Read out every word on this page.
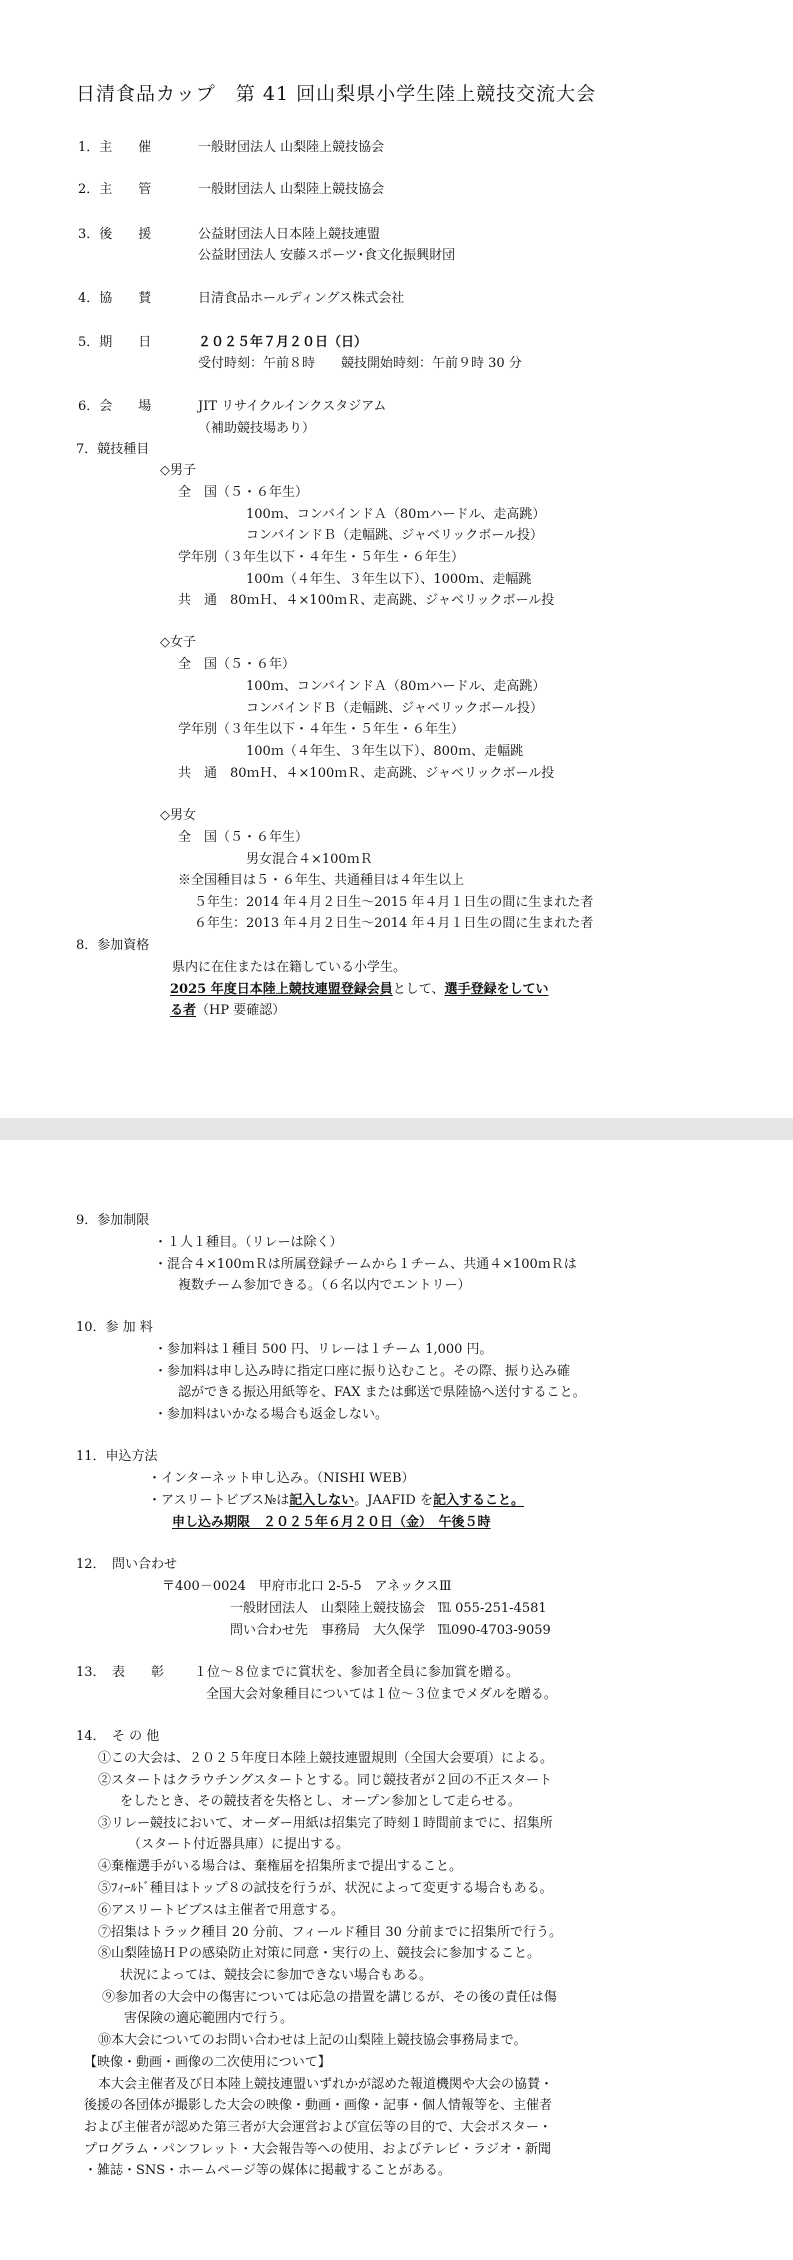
日清食品カップ　第 41 回山梨県小学生陸上競技交流大会
1．主　　催	一般財団法人 山梨陸上競技協会
2．主　　管	一般財団法人 山梨陸上競技協会
3．後　　援	公益財団法人日本陸上競技連盟
公益財団法人 安藤スポーツ･食文化振興財団
4．協　　賛	日清食品ホールディングス株式会社
5．期　　日	２０２５年７月２０日（日）
受付時刻：午前８時　　競技開始時刻：午前９時 30 分
6．会　　場	JIT リサイクルインクスタジアム
（補助競技場あり）
7．競技種目
◇男子
全　国（５・６年生）
100ｍ、コンバインドＡ（80ｍハードル、走高跳）
コンバインドＢ（走幅跳、ジャベリックボール投）
学年別（３年生以下・４年生・５年生・６年生）
100ｍ（４年生、３年生以下）、1000ｍ、走幅跳
共　通　80ｍＨ、４×100ｍＲ、走高跳、ジャベリックボール投
◇女子
全　国（５・６年）
100ｍ、コンバインドＡ（80ｍハードル、走高跳）
コンバインドＢ（走幅跳、ジャベリックボール投）
学年別（３年生以下・４年生・５年生・６年生）
100ｍ（４年生、３年生以下）、800ｍ、走幅跳
共　通　80ｍＨ、４×100ｍＲ、走高跳、ジャベリックボール投
◇男女
全　国（５・６年生）
男女混合４×100ｍＲ
※全国種目は５・６年生、共通種目は４年生以上
５年生：2014 年４月２日生～2015 年４月１日生の間に生まれた者
６年生：2013 年４月２日生～2014 年４月１日生の間に生まれた者
8．参加資格
県内に在住または在籍している小学生。
2025 年度日本陸上競技連盟登録会員として、選手登録をしてい
る者（HP 要確認）
9．参加制限
・１人１種目。（リレーは除く）
・混合４×100ｍＲは所属登録チームから１チーム、共通４×100ｍＲは
複数チーム参加できる。（６名以内でエントリー）
10．参 加 料
・参加料は１種目 500 円、リレーは１チーム 1,000 円。
・参加料は申し込み時に指定口座に振り込むこと。その際、振り込み確
認ができる振込用紙等を、FAX または郵送で県陸協へ送付すること。
・参加料はいかなる場合も返金しない。
11．申込方法
・インターネット申し込み。（NISHI WEB）
・アスリートビブス№は記入しない。JAAFID を記入すること。
申し込み期限　２０２５年６月２０日（金）　午後５時
12．　問い合わせ
〒400－0024　甲府市北口 2-5-5　アネックスⅢ
一般財団法人　山梨陸上競技協会　℡ 055-251-4581
問い合わせ先　事務局　大久保学　℡090-4703-9059
13．　表　　彰 １位～８位までに賞状を、参加者全員に参加賞を贈る。
全国大会対象種目については１位～３位までメダルを贈る。
14．　そ の 他
①この大会は、２０２５年度日本陸上競技連盟規則（全国大会要項）による。
②スタートはクラウチングスタートとする。同じ競技者が２回の不正スタート
をしたとき、その競技者を失格とし、オープン参加として走らせる。
③リレー競技において、オーダー用紙は招集完了時刻１時間前までに、招集所
（スタート付近器具庫）に提出する。
④棄権選手がいる場合は、棄権届を招集所まで提出すること。
⑤ﾌｨｰﾙﾄﾞ種目はトップ８の試技を行うが、状況によって変更する場合もある。
⑥アスリートビブスは主催者で用意する。
⑦招集はトラック種目 20 分前、フィールド種目 30 分前までに招集所で行う。
⑧山梨陸協ＨＰの感染防止対策に同意・実行の上、競技会に参加すること。
状況によっては、競技会に参加できない場合もある。
⑨参加者の大会中の傷害については応急の措置を講じるが、その後の責任は傷
害保険の適応範囲内で行う。
⑩本大会についてのお問い合わせは上記の山梨陸上競技協会事務局まで。
【映像・動画・画像の二次使用について】
本大会主催者及び日本陸上競技連盟いずれかが認めた報道機関や大会の協賛・
後援の各団体が撮影した大会の映像・動画・画像・記事・個人情報等を、主催者
および主催者が認めた第三者が大会運営および宣伝等の目的で、大会ポスター・
プログラム・パンフレット・大会報告等への使用、およびテレビ・ラジオ・新聞
・雑誌・SNS・ホームページ等の媒体に掲載することがある。
